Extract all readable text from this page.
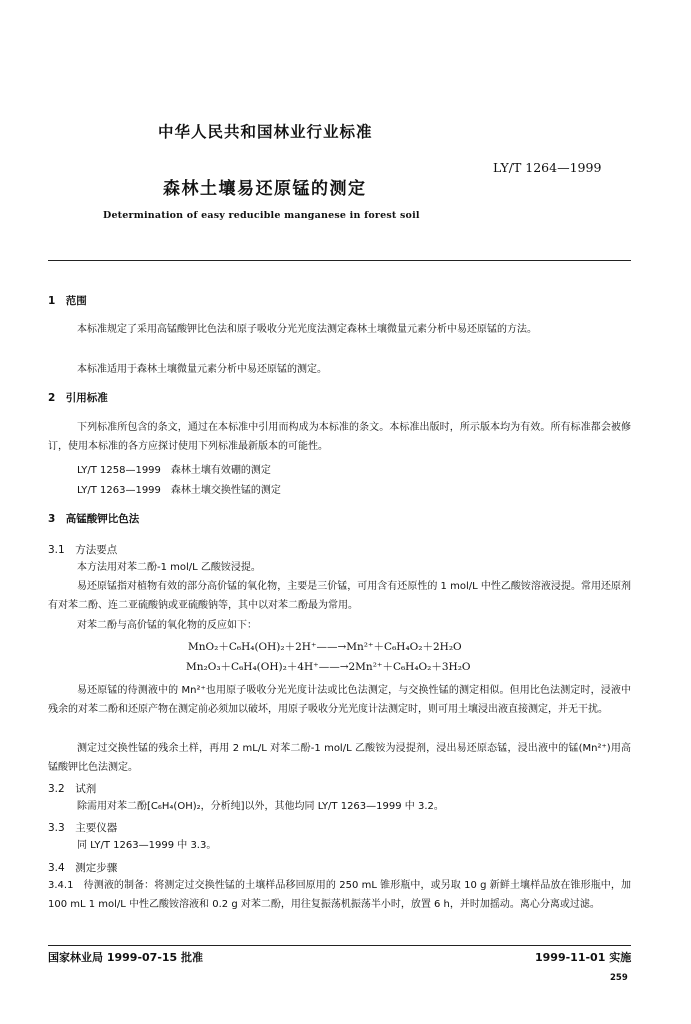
中华人民共和国林业行业标准
LY/T 1264—1999
森林土壤易还原锰的测定
Determination of easy reducible manganese in forest soil
1　范围
本标准规定了采用高锰酸钾比色法和原子吸收分光光度法测定森林土壤微量元素分析中易还原锰的方法。
本标准适用于森林土壤微量元素分析中易还原锰的测定。
2　引用标准
下列标准所包含的条文，通过在本标准中引用而构成为本标准的条文。本标准出版时，所示版本均为有效。所有标准都会被修订，使用本标准的各方应探讨使用下列标准最新版本的可能性。
LY/T 1258—1999　森林土壤有效硼的测定
LY/T 1263—1999　森林土壤交换性锰的测定
3　高锰酸钾比色法
3.1　方法要点
本方法用对苯二酚-1 mol/L 乙酸铵浸提。
易还原锰指对植物有效的部分高价锰的氧化物，主要是三价锰，可用含有还原性的 1 mol/L 中性乙酸铵溶液浸提。常用还原剂有对苯二酚、连二亚硫酸钠或亚硫酸钠等，其中以对苯二酚最为常用。
对苯二酚与高价锰的氧化物的反应如下：
MnO₂＋C₆H₄(OH)₂＋2H⁺——→Mn²⁺＋C₆H₄O₂＋2H₂O
Mn₂O₃＋C₆H₄(OH)₂＋4H⁺——→2Mn²⁺＋C₆H₄O₂＋3H₂O
易还原锰的待测液中的 Mn²⁺也用原子吸收分光光度计法或比色法测定，与交换性锰的测定相似。但用比色法测定时，浸液中残余的对苯二酚和还原产物在测定前必须加以破坏，用原子吸收分光光度计法测定时，则可用土壤浸出液直接测定，并无干扰。
测定过交换性锰的残余土样，再用 2 mL/L 对苯二酚-1 mol/L 乙酸铵为浸提剂，浸出易还原态锰，浸出液中的锰(Mn²⁺)用高锰酸钾比色法测定。
3.2　试剂
除需用对苯二酚[C₆H₄(OH)₂，分析纯]以外，其他均同 LY/T 1263—1999 中 3.2。
3.3　主要仪器
同 LY/T 1263—1999 中 3.3。
3.4　测定步骤
3.4.1　待测液的制备：将测定过交换性锰的土壤样品移回原用的 250 mL 锥形瓶中，或另取 10 g 新鲜土壤样品放在锥形瓶中，加 100 mL 1 mol/L 中性乙酸铵溶液和 0.2 g 对苯二酚，用往复振荡机振荡半小时，放置 6 h，并时加摇动。离心分离或过滤。
国家林业局 1999-07-15 批准	1999-11-01 实施
259
